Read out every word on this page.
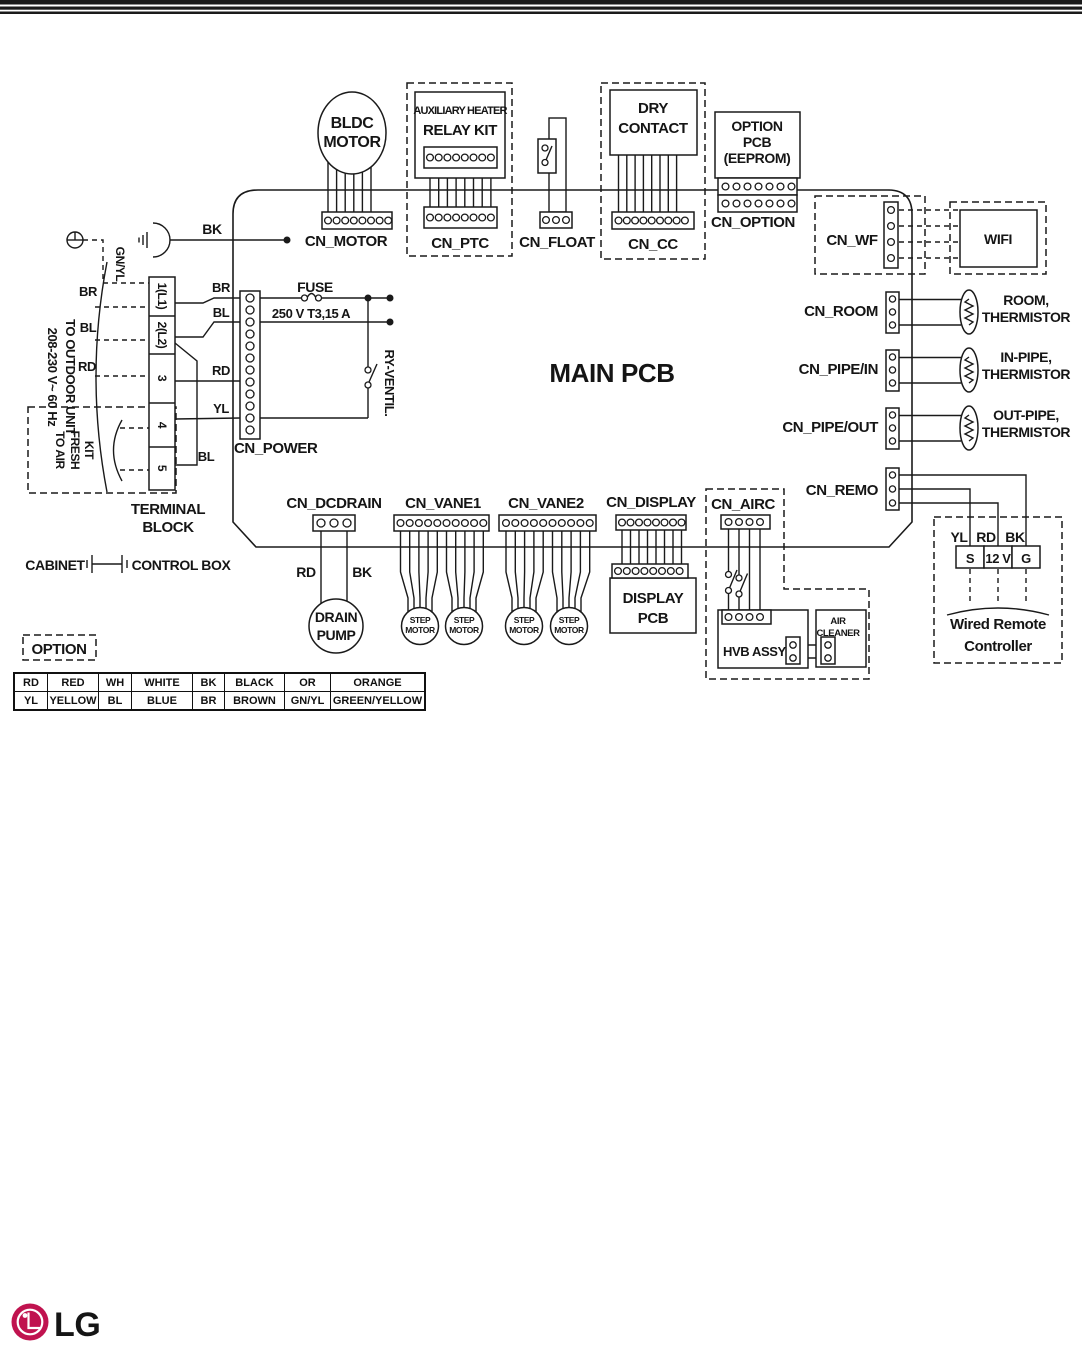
AUXILIARY HEATER
RELAY KIT
DRY
CONTACT	OPTION
PCB
(EEPROM)
WIFI
CN_MOTOR	CN_PTC CN_FLOAT CN_CC
CN_OPTION
CN_WF
CN_ROOM
CN_PIPE/IN
CN_PIPE/OUT
CN_REMO
CN_POWER
CN_DCDRAIN CN_VANE1 CN_VANE2 CN_DISPLAY CN_AIRC
ROOM,
THERMISTOR
IN-PIPE,
THERMISTOR
OUT-PIPE,
THERMISTOR
FUSE
250 V T3,15 A
RY-VENTIL.	MAIN PCB
1(L1)
2(L2)
3
4
5
TERMINAL
BLOCK
208-230 V~ 60 Hz TO OUTDOOR UNIT
TO AIR FRESH KIT
GN/YL
BK
BR
BL
RD
BR
BL
RD
YL
BL
RD	BK
YL RD BK
S 12 V G
Wired Remote
Controller
HVB ASSY
AIR
CLEANER
DISPLAY
PCB
CABINET	CONTROL BOX
OPTION
LG
BLDC
MOTOR
STEP
MOTOR
STEP
MOTOR
STEP
MOTOR
STEP
MOTOR
DRAIN
PUMP
RD	RED	WH	WHITE	BK	BLACK	OR	ORANGE
YL	YELLOW	BL	BLUE	BR	BROWN	GN/YL	GREEN/YELLOW
